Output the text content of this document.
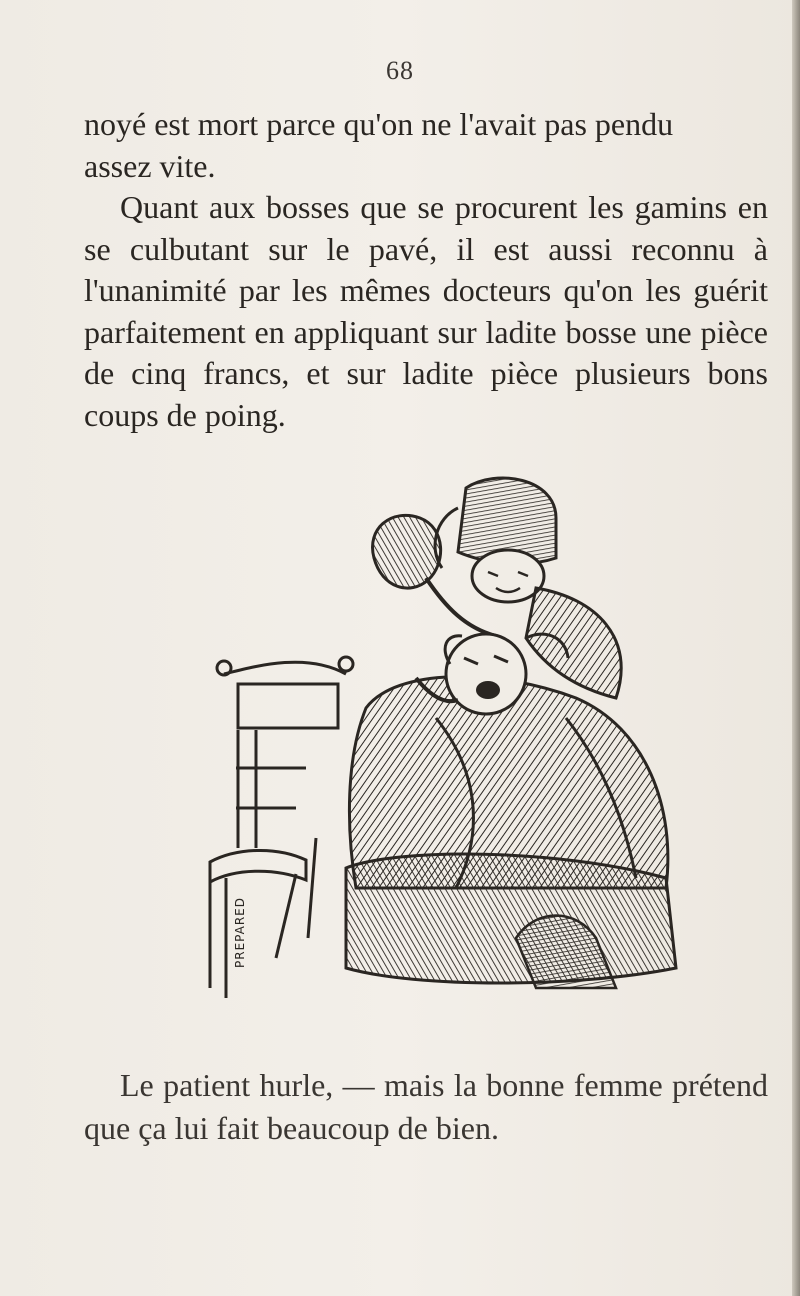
68

noyé est mort parce qu'on ne l'avait pas pendu
assez vite.

Quant aux bosses que se procurent les gamins en se culbutant sur le pavé, il est aussi reconnu à l'unanimité par les mêmes docteurs qu'on les guérit parfaitement en appliquant sur ladite bosse une pièce de cinq francs, et sur ladite pièce plusieurs bons coups de poing.

PREPARED

Le patient hurle, — mais la bonne femme prétend que ça lui fait beaucoup de bien.
